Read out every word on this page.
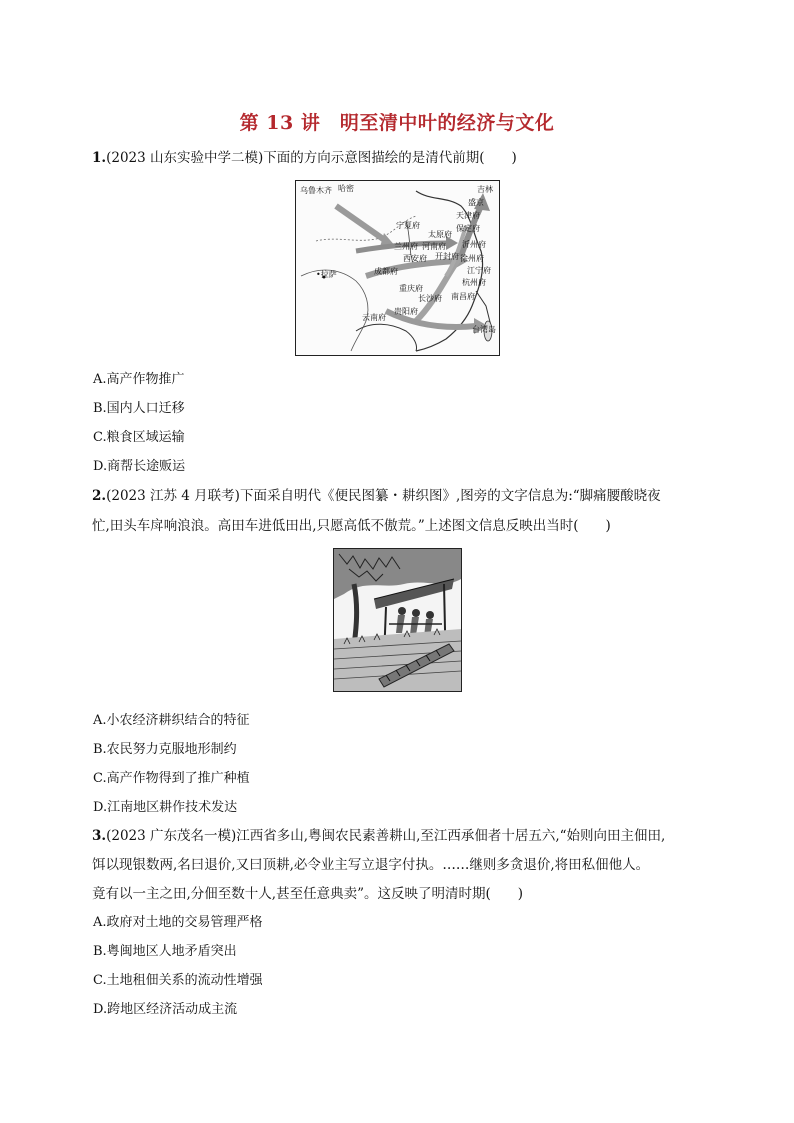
第 13 讲　明至清中叶的经济与文化
1.(2023 山东实验中学二模)下面的方向示意图描绘的是清代前期(　　)
乌鲁木齐 哈密	吉林
盛京
天津府
宁夏府	保定府
太原府
兰州府 河南府 沂州府
西安府 开封府 徐州府
成都府	江宁府
•拉萨
杭州府
重庆府
长沙府 南昌府
云南府
贵阳府
台湾岛
A.高产作物推广
B.国内人口迁移
C.粮食区域运输
D.商帮长途贩运
2.(2023 江苏 4 月联考)下面采自明代《便民图纂・耕织图》,图旁的文字信息为:“脚痛腰酸晓夜
忙,田头车戽响浪浪。高田车进低田出,只愿高低不傲荒。”上述图文信息反映出当时(　　)
A.小农经济耕织结合的特征
B.农民努力克服地形制约
C.高产作物得到了推广种植
D.江南地区耕作技术发达
3.(2023 广东茂名一模)江西省多山,粤闽农民素善耕山,至江西承佃者十居五六,“始则向田主佃田,
饵以现银数两,名曰退价,又曰顶耕,必令业主写立退字付执。……继则多贪退价,将田私佃他人。
竟有以一主之田,分佃至数十人,甚至任意典卖”。这反映了明清时期(　　)
A.政府对土地的交易管理严格
B.粤闽地区人地矛盾突出
C.土地租佃关系的流动性增强
D.跨地区经济活动成主流
